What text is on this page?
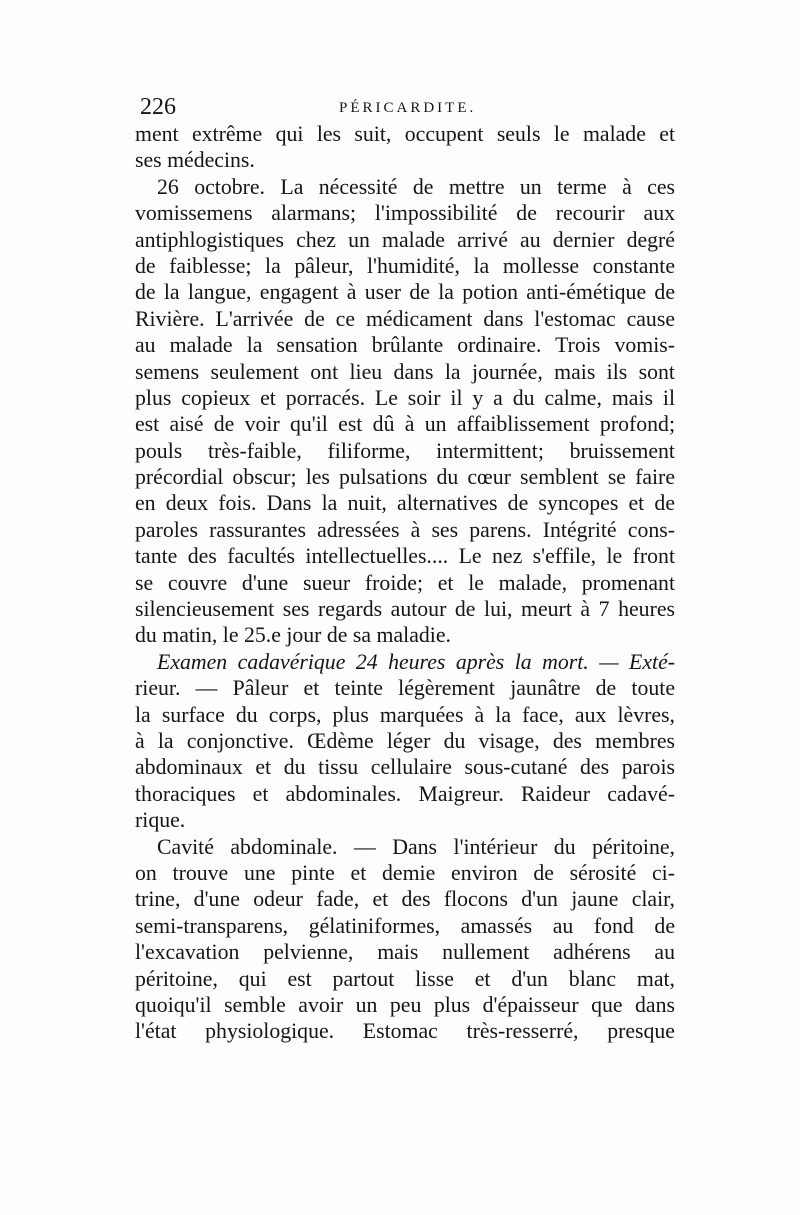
226	PÉRICARDITE.
ment extrême qui les suit, occupent seuls le malade et
ses médecins.
26 octobre. La nécessité de mettre un terme à ces
vomissemens alarmans; l'impossibilité de recourir aux
antiphlogistiques chez un malade arrivé au dernier degré
de faiblesse; la pâleur, l'humidité, la mollesse constante
de la langue, engagent à user de la potion anti-émétique de
Rivière. L'arrivée de ce médicament dans l'estomac cause
au malade la sensation brûlante ordinaire. Trois vomis-
semens seulement ont lieu dans la journée, mais ils sont
plus copieux et porracés. Le soir il y a du calme, mais il
est aisé de voir qu'il est dû à un affaiblissement profond;
pouls très-faible, filiforme, intermittent; bruissement
précordial obscur; les pulsations du cœur semblent se faire
en deux fois. Dans la nuit, alternatives de syncopes et de
paroles rassurantes adressées à ses parens. Intégrité cons-
tante des facultés intellectuelles.... Le nez s'effile, le front
se couvre d'une sueur froide; et le malade, promenant
silencieusement ses regards autour de lui, meurt à 7 heures
du matin, le 25.e jour de sa maladie.
Examen cadavérique 24 heures après la mort. — Exté-
rieur. — Pâleur et teinte légèrement jaunâtre de toute
la surface du corps, plus marquées à la face, aux lèvres,
à la conjonctive. Œdème léger du visage, des membres
abdominaux et du tissu cellulaire sous-cutané des parois
thoraciques et abdominales. Maigreur. Raideur cadavé-
rique.
Cavité abdominale. — Dans l'intérieur du péritoine,
on trouve une pinte et demie environ de sérosité ci-
trine, d'une odeur fade, et des flocons d'un jaune clair,
semi-transparens, gélatiniformes, amassés au fond de
l'excavation pelvienne, mais nullement adhérens au
péritoine, qui est partout lisse et d'un blanc mat,
quoiqu'il semble avoir un peu plus d'épaisseur que dans
l'état physiologique. Estomac très-resserré, presque
